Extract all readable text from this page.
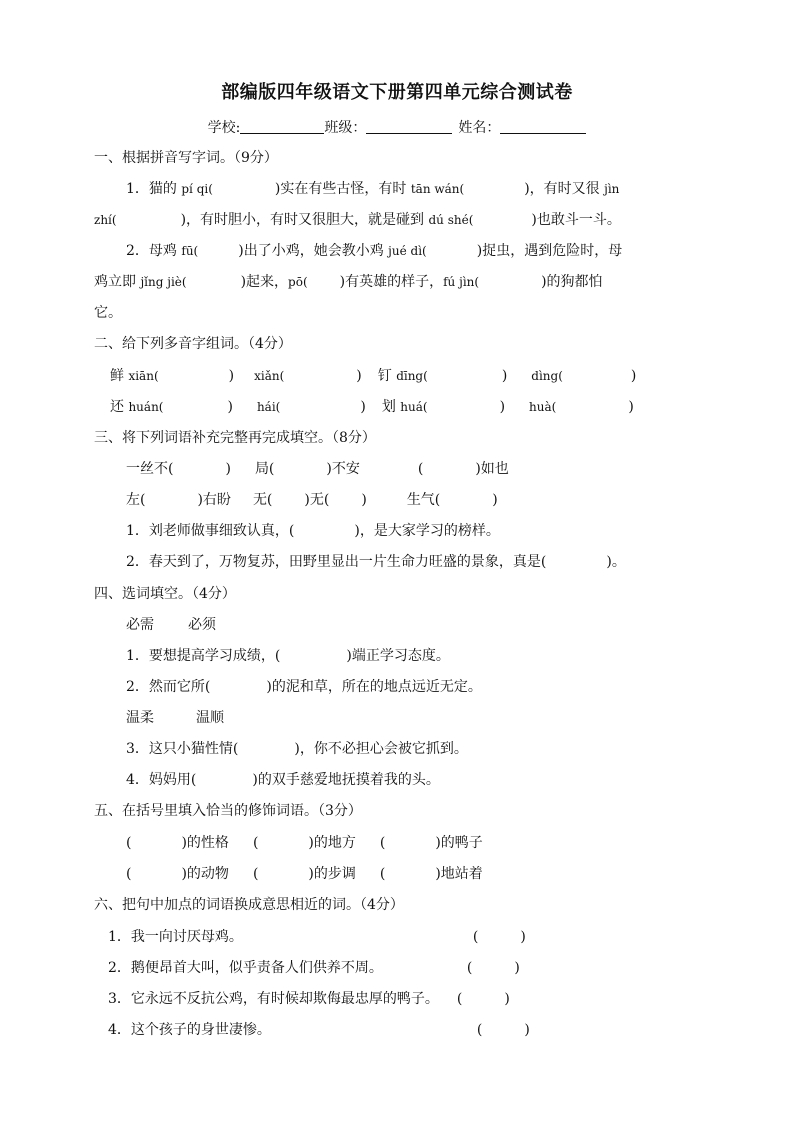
部编版四年级语文下册第四单元综合测试卷
学校:	班级：	姓名：
一、根据拼音写字词。（9分）
1．猫的 pí qi(	)实在有些古怪，有时 tān wán(	)，有时又很 jìn
zhí(	)，有时胆小，有时又很胆大，就是碰到 dú shé(	)也敢斗一斗。
2．母鸡 fū(	)出了小鸡，她会教小鸡 jué dì(	)捉虫，遇到危险时，母
鸡立即 jǐng jiè(	)起来，pō( )有英雄的样子，fú jìn(	)的狗都怕
它。
二、给下列多音字组词。（4分）
鲜 xiān(	) xiǎn(	) 钉 dīng(	) dìng(	)
还 huán(	) hái(	) 划 huá(	) huà(	)
三、将下列词语补充完整再完成填空。（8分）
一丝不(	) 局(	)不安	(	)如也
左(	)右盼 无( )无( )	生气(	)
1．刘老师做事细致认真，(	)，是大家学习的榜样。
2．春天到了，万物复苏，田野里显出一片生命力旺盛的景象，真是(	)。
四、选词填空。（4分）
必需 必须
1．要想提高学习成绩，(	)端正学习态度。
2．然而它所(	)的泥和草，所在的地点远近无定。
温柔	温顺
3．这只小猫性情(	)，你不必担心会被它抓到。
4．妈妈用(	)的双手慈爱地抚摸着我的头。
五、在括号里填入恰当的修饰词语。（3分）
(	)的性格 (	)的地方 (	)的鸭子
(	)的动物 (	)的步调 (	)地站着
六、把句中加点的词语换成意思相近的词。（4分）
1．我一向讨厌母鸡。	(	)
2．鹅便昂首大叫，似乎责备人们供养不周。	(	)
3．它永远不反抗公鸡，有时候却欺侮最忠厚的鸭子。 (	)
4．这个孩子的身世凄惨。	(	)
